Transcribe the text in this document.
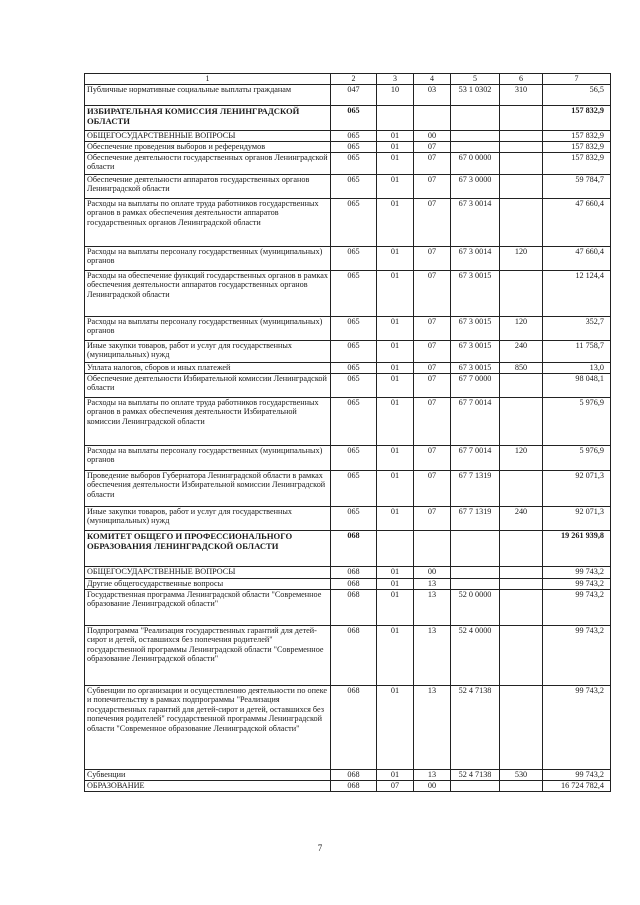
1	2	3	4	5	6	7
Публичные нормативные социальные выплаты гражданам	047	10	03	53 1 0302	310	56,5
ИЗБИРАТЕЛЬНАЯ КОМИССИЯ ЛЕНИНГРАДСКОЙ ОБЛАСТИ	065					157 832,9
ОБЩЕГОСУДАРСТВЕННЫЕ ВОПРОСЫ	065	01	00			157 832,9
Обеспечение проведения выборов и референдумов	065	01	07			157 832,9
Обеспечение деятельности государственных органов Ленинградской области	065	01	07	67 0 0000		157 832,9
Обеспечение деятельности аппаратов государственных органов Ленинградской области	065	01	07	67 3 0000		59 784,7
Расходы на выплаты по оплате труда работников государственных органов в рамках обеспечения деятельности аппаратов государственных органов Ленинградской области	065	01	07	67 3 0014		47 660,4
Расходы на выплаты персоналу государственных (муниципальных) органов	065	01	07	67 3 0014	120	47 660,4
Расходы на обеспечение функций государственных органов в рамках обеспечения деятельности аппаратов государственных органов Ленинградской области	065	01	07	67 3 0015		12 124,4
Расходы на выплаты персоналу государственных (муниципальных) органов	065	01	07	67 3 0015	120	352,7
Иные закупки товаров, работ и услуг для государственных (муниципальных) нужд	065	01	07	67 3 0015	240	11 758,7
Уплата налогов, сборов и иных платежей	065	01	07	67 3 0015	850	13,0
Обеспечение деятельности Избирательной комиссии Ленинградской области	065	01	07	67 7 0000		98 048,1
Расходы на выплаты по оплате труда работников государственных органов в рамках обеспечения деятельности Избирательной комиссии Ленинградской области	065	01	07	67 7 0014		5 976,9
Расходы на выплаты персоналу государственных (муниципальных) органов	065	01	07	67 7 0014	120	5 976,9
Проведение выборов Губернатора Ленинградской области в рамках обеспечения деятельности Избирательной комиссии Ленинградской области	065	01	07	67 7 1319		92 071,3
Иные закупки товаров, работ и услуг для государственных (муниципальных) нужд	065	01	07	67 7 1319	240	92 071,3
КОМИТЕТ ОБЩЕГО И ПРОФЕССИОНАЛЬНОГО ОБРАЗОВАНИЯ ЛЕНИНГРАДСКОЙ ОБЛАСТИ	068					19 261 939,8
ОБЩЕГОСУДАРСТВЕННЫЕ ВОПРОСЫ	068	01	00			99 743,2
Другие общегосударственные вопросы	068	01	13			99 743,2
Государственная программа Ленинградской области "Современное образование Ленинградской области"	068	01	13	52 0 0000		99 743,2
Подпрограмма "Реализация государственных гарантий для детей-сирот и детей, оставшихся без попечения родителей" государственной программы Ленинградской области "Современное образование Ленинградской области"	068	01	13	52 4 0000		99 743,2
Субвенции по организации и осуществлению деятельности по опеке и попечительству в рамках подпрограммы "Реализация государственных гарантий для детей-сирот и детей, оставшихся без попечения родителей" государственной программы Ленинградской области "Современное образование Ленинградской области"	068	01	13	52 4 7138		99 743,2
Субвенции	068	01	13	52 4 7138	530	99 743,2
ОБРАЗОВАНИЕ	068	07	00			16 724 782,4
7
